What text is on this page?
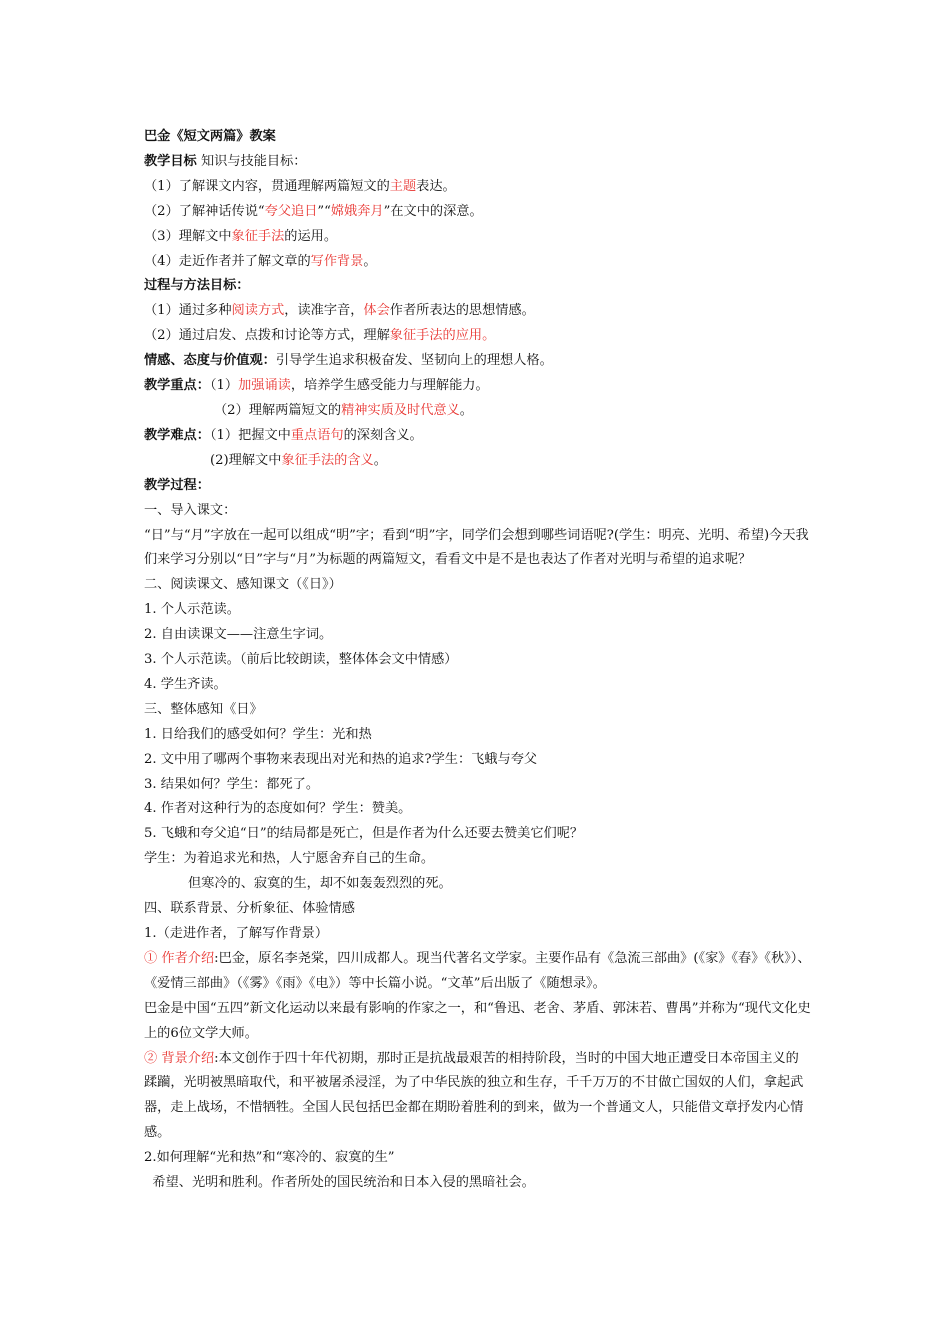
巴金《短文两篇》教案
教学目标 知识与技能目标：
（1）了解课文内容，贯通理解两篇短文的主题表达。
（2）了解神话传说“夸父追日”“嫦娥奔月”在文中的深意。
（3）理解文中象征手法的运用。
（4）走近作者并了解文章的写作背景。
过程与方法目标：
（1）通过多种阅读方式，读准字音，体会作者所表达的思想情感。
（2）通过启发、点拨和讨论等方式，理解象征手法的应用。
情感、态度与价值观：引导学生追求积极奋发、坚韧向上的理想人格。
教学重点：（1）加强诵读，培养学生感受能力与理解能力。
（2）理解两篇短文的精神实质及时代意义。
教学难点：（1）把握文中重点语句的深刻含义。
(2)理解文中象征手法的含义。
教学过程：
一、导入课文：
“日”与“月”字放在一起可以组成“明”字；看到“明”字，同学们会想到哪些词语呢?(学生：明亮、光明、希望)今天我们来学习分别以“日”字与“月”为标题的两篇短文，看看文中是不是也表达了作者对光明与希望的追求呢？
二、阅读课文、感知课文（《日》）
1. 个人示范读。
2. 自由读课文——注意生字词。
3. 个人示范读。（前后比较朗读，整体体会文中情感）
4. 学生齐读。
三、整体感知《日》
1. 日给我们的感受如何？学生：光和热
2. 文中用了哪两个事物来表现出对光和热的追求?学生：飞蛾与夸父
3. 结果如何？学生：都死了。
4. 作者对这种行为的态度如何？学生：赞美。
5. 飞蛾和夸父追“日”的结局都是死亡，但是作者为什么还要去赞美它们呢？
学生：为着追求光和热，人宁愿舍弃自己的生命。
但寒冷的、寂寞的生，却不如轰轰烈烈的死。
四、联系背景、分析象征、体验情感
1.（走进作者，了解写作背景）
① 作者介绍:巴金，原名李尧棠，四川成都人。现当代著名文学家。主要作品有《急流三部曲》(《家》《春》《秋》）、《爱情三部曲》（《雾》《雨》《电》）等中长篇小说。“文革”后出版了《随想录》。
巴金是中国“五四”新文化运动以来最有影响的作家之一，和“鲁迅、老舍、茅盾、郭沫若、曹禺”并称为“现代文化史上的6位文学大师。
② 背景介绍:本文创作于四十年代初期，那时正是抗战最艰苦的相持阶段，当时的中国大地正遭受日本帝国主义的蹂躏，光明被黑暗取代，和平被屠杀浸淫，为了中华民族的独立和生存，千千万万的不甘做亡国奴的人们，拿起武器，走上战场，不惜牺牲。全国人民包括巴金都在期盼着胜利的到来，做为一个普通文人，只能借文章抒发内心情感。
2.如何理解“光和热”和“寒冷的、寂寞的生”
希望、光明和胜利。作者所处的国民统治和日本入侵的黑暗社会。
